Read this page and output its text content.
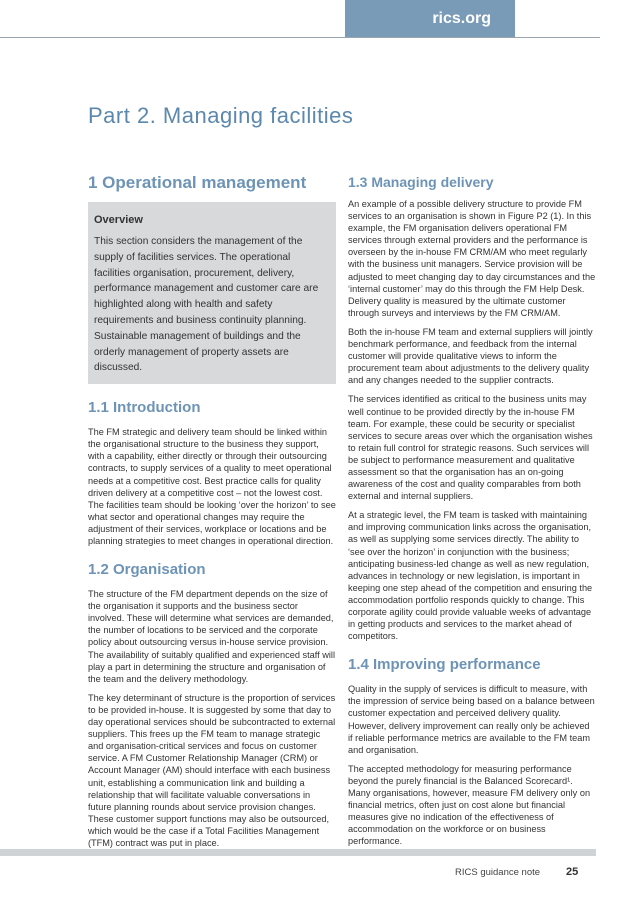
rics.org
Part 2. Managing facilities
1 Operational management
Overview

This section considers the management of the supply of facilities services. The operational facilities organisation, procurement, delivery, performance management and customer care are highlighted along with health and safety requirements and business continuity planning. Sustainable management of buildings and the orderly management of property assets are discussed.

1.1 Introduction

The FM strategic and delivery team should be linked within the organisational structure to the business they support, with a capability, either directly or through their outsourcing contracts, to supply services of a quality to meet operational needs at a competitive cost. Best practice calls for quality driven delivery at a competitive cost – not the lowest cost. The facilities team should be looking ‘over the horizon’ to see what sector and operational changes may require the adjustment of their services, workplace or locations and be planning strategies to meet changes in operational direction.

1.2 Organisation

The structure of the FM department depends on the size of the organisation it supports and the business sector involved. These will determine what services are demanded, the number of locations to be serviced and the corporate policy about outsourcing versus in-house service provision. The availability of suitably qualified and experienced staff will play a part in determining the structure and organisation of the team and the delivery methodology.

The key determinant of structure is the proportion of services to be provided in-house. It is suggested by some that day to day operational services should be subcontracted to external suppliers. This frees up the FM team to manage strategic and organisation-critical services and focus on customer service. A FM Customer Relationship Manager (CRM) or Account Manager (AM) should interface with each business unit, establishing a communication link and building a relationship that will facilitate valuable conversations in future planning rounds about service provision changes. These customer support functions may also be outsourced, which would be the case if a Total Facilities Management (TFM) contract was put in place.

1.3 Managing delivery

An example of a possible delivery structure to provide FM services to an organisation is shown in Figure P2 (1). In this example, the FM organisation delivers operational FM services through external providers and the performance is overseen by the in-house FM CRM/AM who meet regularly with the business unit managers. Service provision will be adjusted to meet changing day to day circumstances and the ‘internal customer’ may do this through the FM Help Desk. Delivery quality is measured by the ultimate customer through surveys and interviews by the FM CRM/AM.

Both the in-house FM team and external suppliers will jointly benchmark performance, and feedback from the internal customer will provide qualitative views to inform the procurement team about adjustments to the delivery quality and any changes needed to the supplier contracts.

The services identified as critical to the business units may well continue to be provided directly by the in-house FM team. For example, these could be security or specialist services to secure areas over which the organisation wishes to retain full control for strategic reasons. Such services will be subject to performance measurement and qualitative assessment so that the organisation has an on-going awareness of the cost and quality comparables from both external and internal suppliers.

At a strategic level, the FM team is tasked with maintaining and improving communication links across the organisation, as well as supplying some services directly. The ability to ‘see over the horizon’ in conjunction with the business; anticipating business-led change as well as new regulation, advances in technology or new legislation, is important in keeping one step ahead of the competition and ensuring the accommodation portfolio responds quickly to change. This corporate agility could provide valuable weeks of advantage in getting products and services to the market ahead of competitors.

1.4 Improving performance

Quality in the supply of services is difficult to measure, with the impression of service being based on a balance between customer expectation and perceived delivery quality. However, delivery improvement can really only be achieved if reliable performance metrics are available to the FM team and organisation.

The accepted methodology for measuring performance beyond the purely financial is the Balanced Scorecard¹. Many organisations, however, measure FM delivery only on financial metrics, often just on cost alone but financial measures give no indication of the effectiveness of accommodation on the workforce or on business performance.

RICS guidance note 25
